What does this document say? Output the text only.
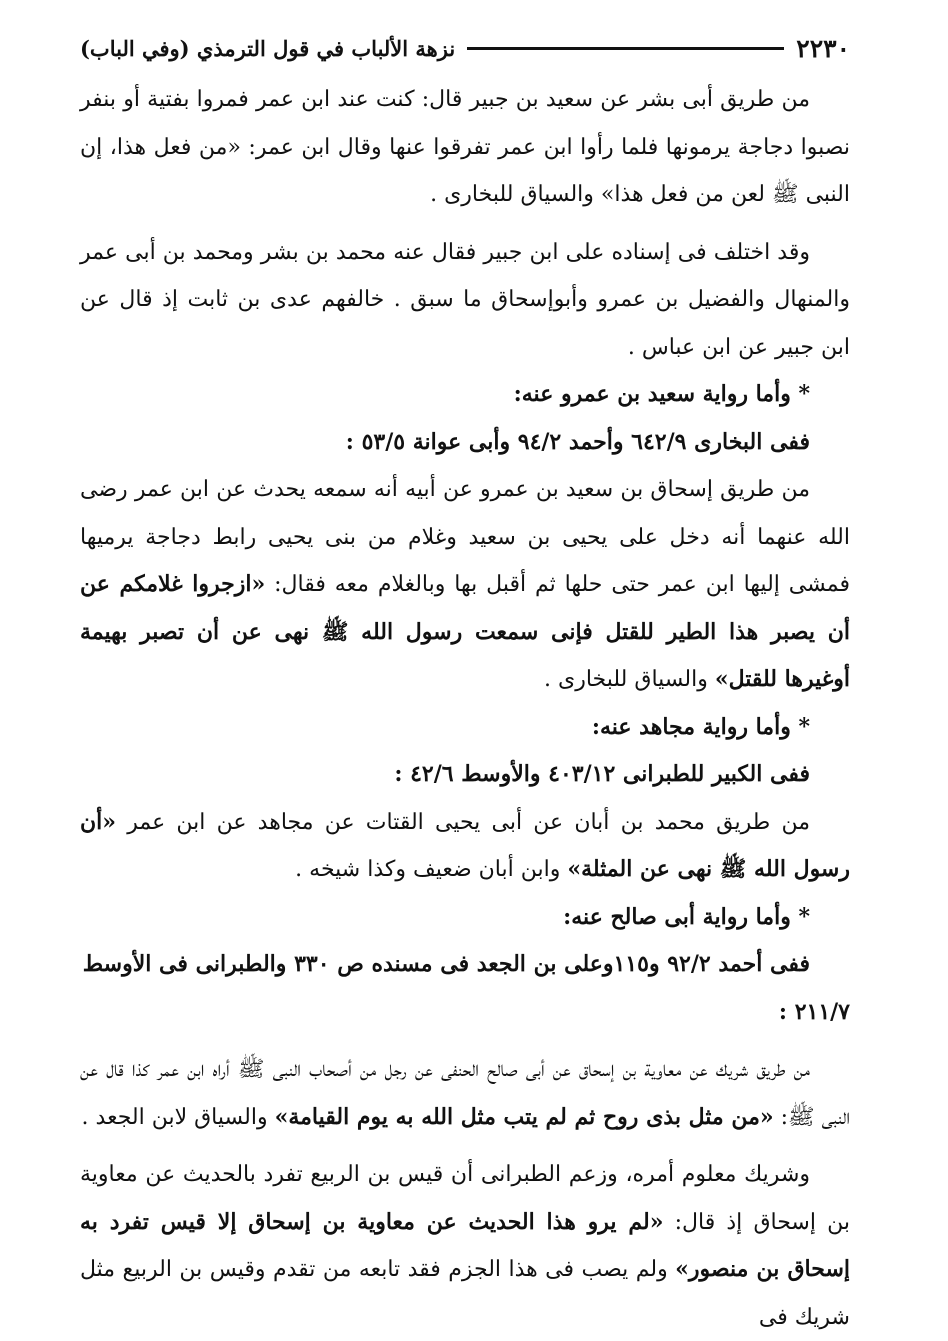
٢٢٣٠
نزهة الألباب في قول الترمذي (وفي الباب)

من طريق أبى بشر عن سعيد بن جبير قال: كنت عند ابن عمر فمروا بفتية أو بنفر نصبوا دجاجة يرمونها فلما رأوا ابن عمر تفرقوا عنها وقال ابن عمر: «من فعل هذا، إن النبى ﷺ لعن من فعل هذا» والسياق للبخارى .

وقد اختلف فى إسناده على ابن جبير فقال عنه محمد بن بشر ومحمد بن أبى عمر والمنهال والفضيل بن عمرو وأبوإسحاق ما سبق . خالفهم عدى بن ثابت إذ قال عن ابن جبير عن ابن عباس .

* وأما رواية سعيد بن عمرو عنه:

ففى البخارى ٦٤٢/٩ وأحمد ٩٤/٢ وأبى عوانة ٥٣/٥ :

من طريق إسحاق بن سعيد بن عمرو عن أبيه أنه سمعه يحدث عن ابن عمر رضى الله عنهما أنه دخل على يحيى بن سعيد وغلام من بنى يحيى رابط دجاجة يرميها فمشى إليها ابن عمر حتى حلها ثم أقبل بها وبالغلام معه فقال: «ازجروا غلامكم عن أن يصبر هذا الطير للقتل فإنى سمعت رسول الله ﷺ نهى عن أن تصبر بهيمة أوغيرها للقتل» والسياق للبخارى .

* وأما رواية مجاهد عنه:

ففى الكبير للطبرانى ٤٠٣/١٢ والأوسط ٤٢/٦ :

من طريق محمد بن أبان عن أبى يحيى القتات عن مجاهد عن ابن عمر «أن رسول الله ﷺ نهى عن المثلة» وابن أبان ضعيف وكذا شيخه .

* وأما رواية أبى صالح عنه:

ففى أحمد ٩٢/٢ و١١٥وعلى بن الجعد فى مسنده ص ٣٣٠ والطبرانى فى الأوسط ٢١١/٧ :

من طريق شريك عن معاوية بن إسحاق عن أبى صالح الحنفى عن رجل من أصحاب النبى ﷺ أراه ابن عمر كذا قال عن النبى ﷺ: «من مثل بذى روح ثم لم يتب مثل الله به يوم القيامة» والسياق لابن الجعد .

وشريك معلوم أمره، وزعم الطبرانى أن قيس بن الربيع تفرد بالحديث عن معاوية بن إسحاق إذ قال: «لم يرو هذا الحديث عن معاوية بن إسحاق إلا قيس تفرد به إسحاق بن منصور» ولم يصب فى هذا الجزم فقد تابعه من تقدم وقيس بن الربيع مثل شريك فى
